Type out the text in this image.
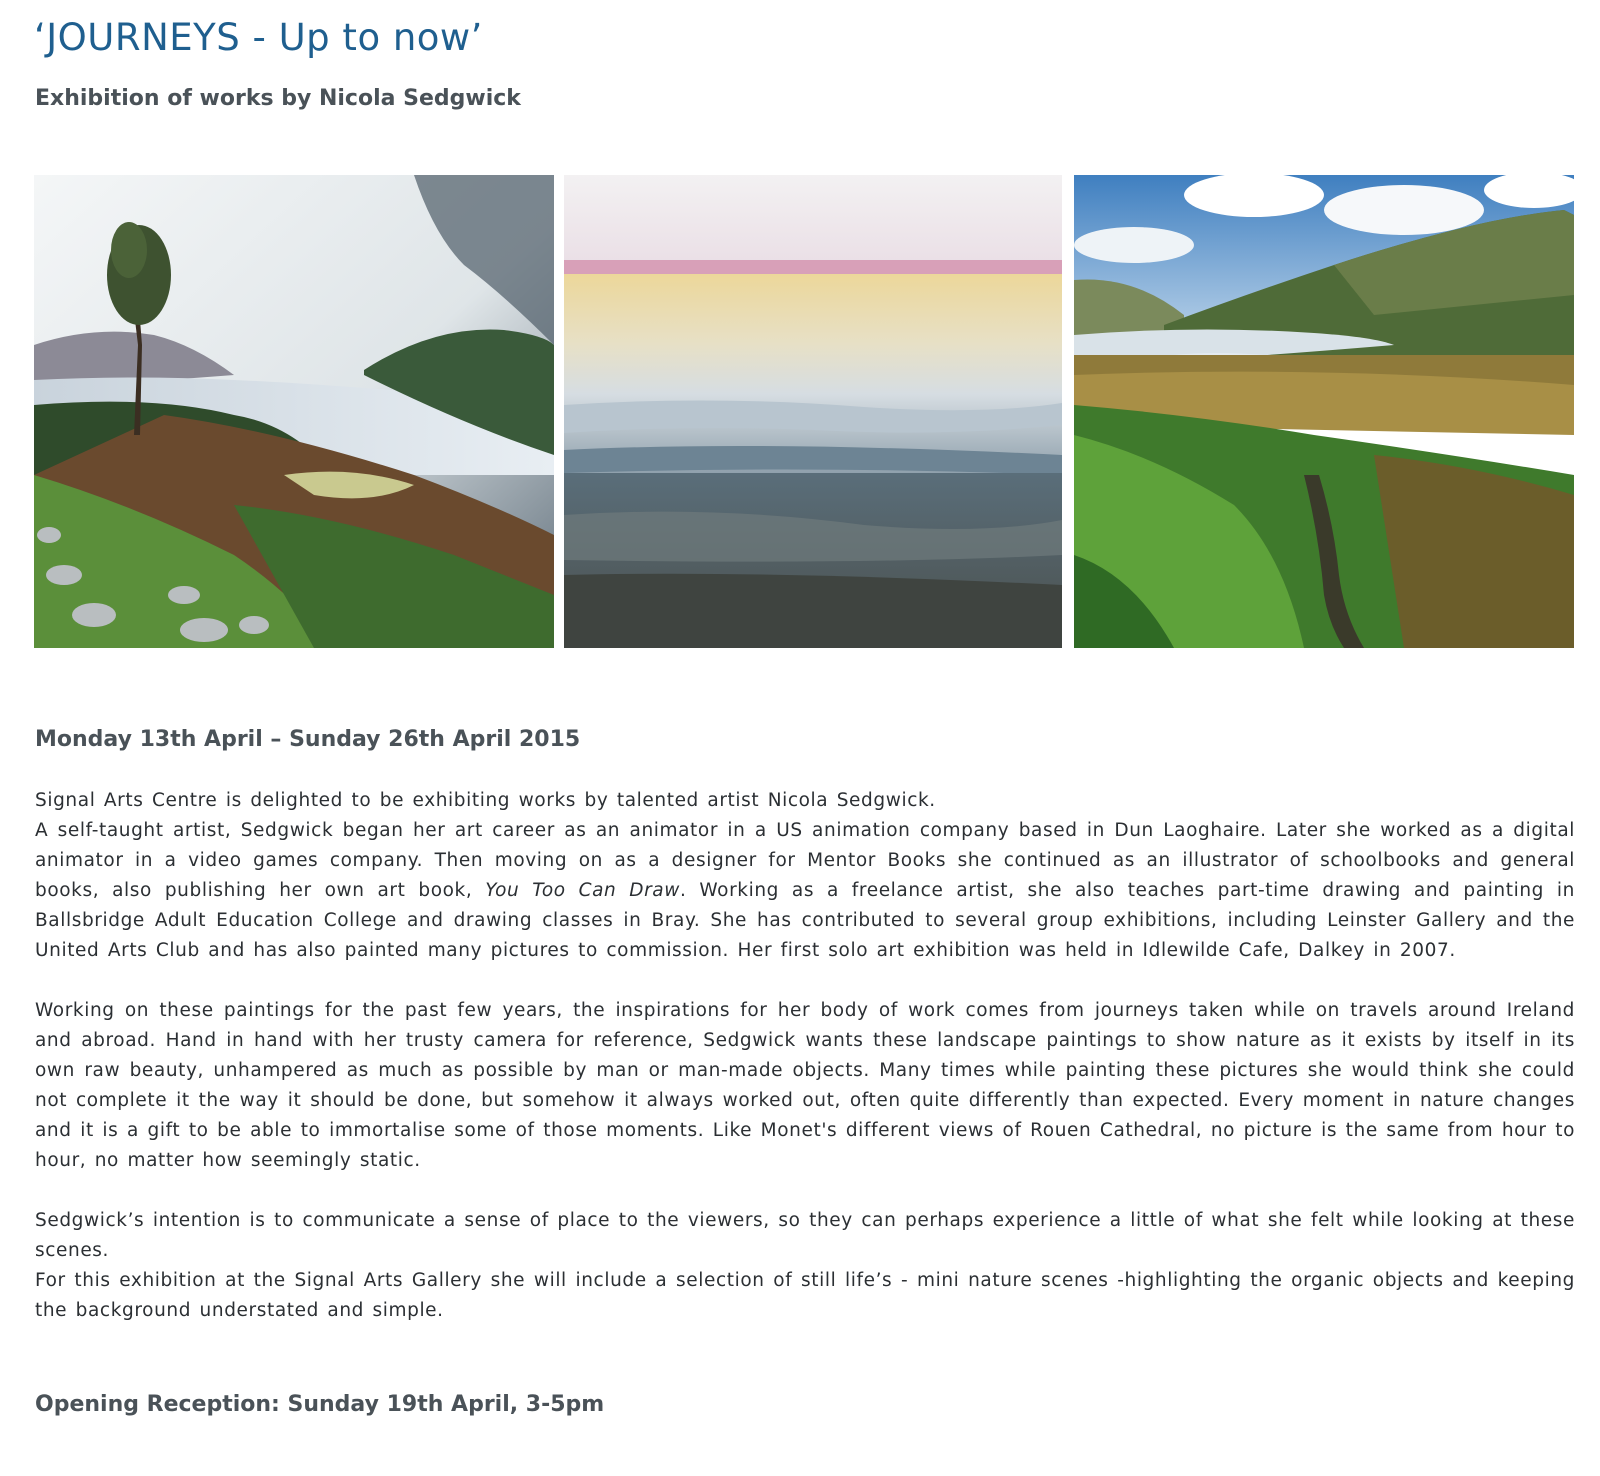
‘JOURNEYS - Up to now’
Exhibition of works by Nicola Sedgwick
Monday 13th April – Sunday 26th April 2015

Signal Arts Centre is delighted to be exhibiting works by talented artist Nicola Sedgwick.

A self-taught artist, Sedgwick began her art career as an animator in a US animation company based in Dun Laoghaire. Later she worked as a digital animator in a video games company. Then moving on as a designer for Mentor Books she continued as an illustrator of schoolbooks and general books, also publishing her own art book, You Too Can Draw. Working as a freelance artist, she also teaches part-time drawing and painting in Ballsbridge Adult Education College and drawing classes in Bray. She has contributed to several group exhibitions, including Leinster Gallery and the United Arts Club and has also painted many pictures to commission. Her first solo art exhibition was held in Idlewilde Cafe, Dalkey in 2007.

Working on these paintings for the past few years, the inspirations for her body of work comes from journeys taken while on travels around Ireland and abroad. Hand in hand with her trusty camera for reference, Sedgwick wants these landscape paintings to show nature as it exists by itself in its own raw beauty, unhampered as much as possible by man or man-made objects. Many times while painting these pictures she would think she could not complete it the way it should be done, but somehow it always worked out, often quite differently than expected. Every moment in nature changes and it is a gift to be able to immortalise some of those moments. Like Monet's different views of Rouen Cathedral, no picture is the same from hour to hour, no matter how seemingly static.

Sedgwick’s intention is to communicate a sense of place to the viewers, so they can perhaps experience a little of what she felt while looking at these scenes.

For this exhibition at the Signal Arts Gallery she will include a selection of still life’s - mini nature scenes -highlighting the organic objects and keeping the background understated and simple.

Opening Reception: Sunday 19th April, 3-5pm
